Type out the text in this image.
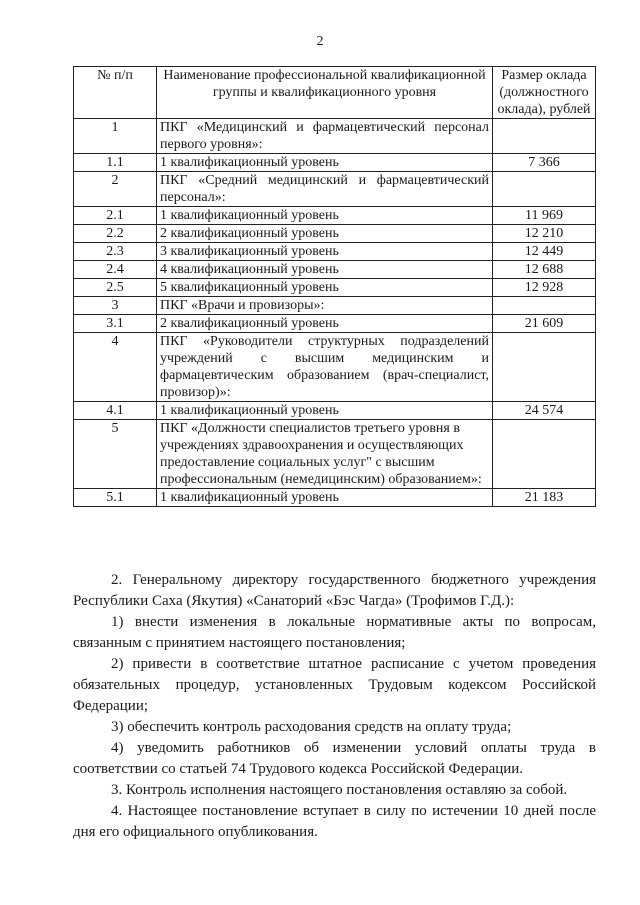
2
№ п/п	Наименование профессиональной квалификационной группы и квалификационного уровня	Размер оклада (должностного оклада), рублей
1	ПКГ «Медицинский и фармацевтический персонал первого уровня»:	
1.1	1 квалификационный уровень	7 366
2	ПКГ «Средний медицинский и фармацевтический персонал»:	
2.1	1 квалификационный уровень	11 969
2.2	2 квалификационный уровень	12 210
2.3	3 квалификационный уровень	12 449
2.4	4 квалификационный уровень	12 688
2.5	5 квалификационный уровень	12 928
3	ПКГ «Врачи и провизоры»:	
3.1	2 квалификационный уровень	21 609
4	ПКГ «Руководители структурных подразделений учреждений с высшим медицинским и фармацевтическим образованием (врач-специалист, провизор)»:	
4.1	1 квалификационный уровень	24 574
5	ПКГ «Должности специалистов третьего уровня в учреждениях здравоохранения и осуществляющих предоставление социальных услуг" с высшим профессиональным (немедицинским) образованием»:	
5.1	1 квалификационный уровень	21 183

2. Генеральному директору государственного бюджетного учреждения Республики Саха (Якутия) «Санаторий «Бэс Чагда» (Трофимов Г.Д.):

1) внести изменения в локальные нормативные акты по вопросам, связанным с принятием настоящего постановления;

2) привести в соответствие штатное расписание с учетом проведения обязательных процедур, установленных Трудовым кодексом Российской Федерации;

3) обеспечить контроль расходования средств на оплату труда;

4) уведомить работников об изменении условий оплаты труда в соответствии со статьей 74 Трудового кодекса Российской Федерации.

3. Контроль исполнения настоящего постановления оставляю за собой.

4. Настоящее постановление вступает в силу по истечении 10 дней после дня его официального опубликования.
